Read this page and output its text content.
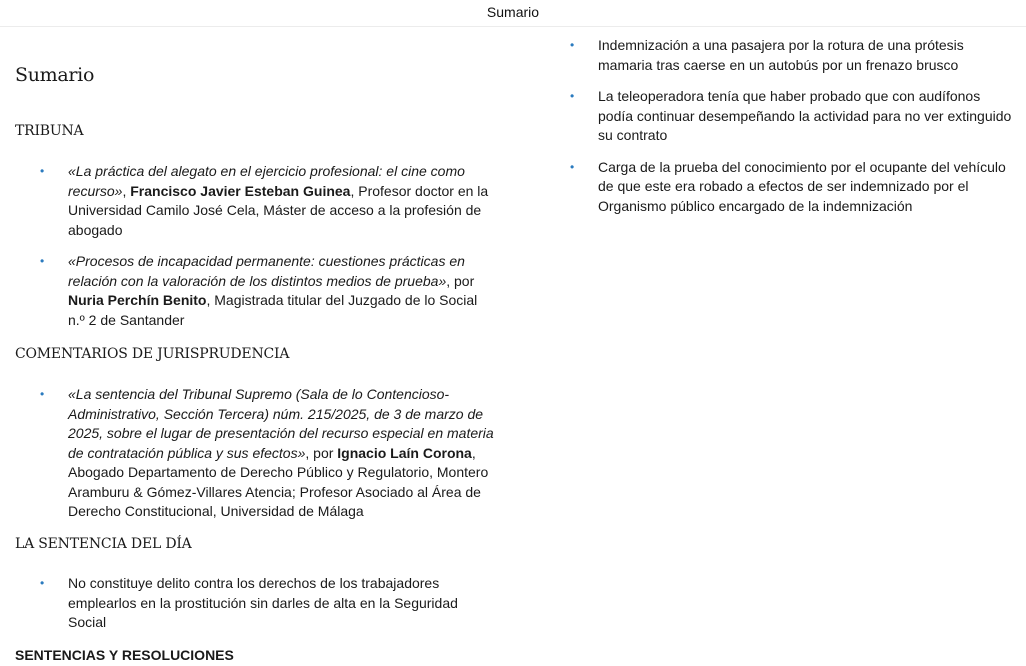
Sumario
Sumario
TRIBUNA
• «La práctica del alegato en el ejercicio profesional: el cine como recurso», Francisco Javier Esteban Guinea, Profesor doctor en la Universidad Camilo José Cela, Máster de acceso a la profesión de abogado
• «Procesos de incapacidad permanente: cuestiones prácticas en relación con la valoración de los distintos medios de prueba», por Nuria Perchín Benito, Magistrada titular del Juzgado de lo Social n.º 2 de Santander
COMENTARIOS DE JURISPRUDENCIA
• «La sentencia del Tribunal Supremo (Sala de lo Contencioso-Administrativo, Sección Tercera) núm. 215/2025, de 3 de marzo de 2025, sobre el lugar de presentación del recurso especial en materia de contratación pública y sus efectos», por Ignacio Laín Corona, Abogado Departamento de Derecho Público y Regulatorio, Montero Aramburu & Gómez-Villares Atencia; Profesor Asociado al Área de Derecho Constitucional, Universidad de Málaga
LA SENTENCIA DEL DÍA
• No constituye delito contra los derechos de los trabajadores emplearlos en la prostitución sin darles de alta en la Seguridad Social
SENTENCIAS Y RESOLUCIONES
• Indemnización a una pasajera por la rotura de una prótesis mamaria tras caerse en un autobús por un frenazo brusco
• La teleoperadora tenía que haber probado que con audífonos podía continuar desempeñando la actividad para no ver extinguido su contrato
• Carga de la prueba del conocimiento por el ocupante del vehículo de que este era robado a efectos de ser indemnizado por el Organismo público encargado de la indemnización
